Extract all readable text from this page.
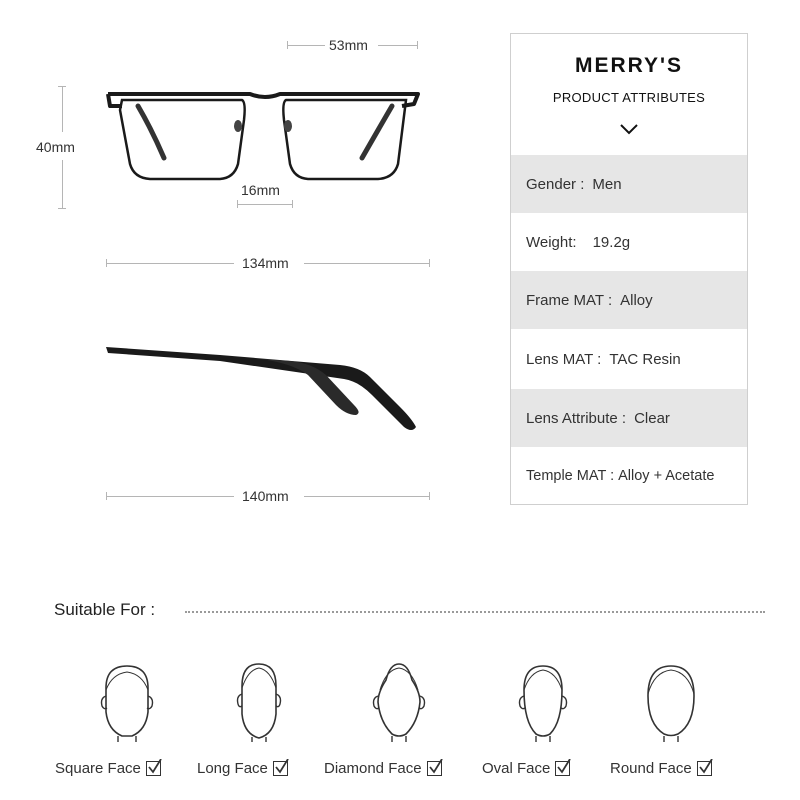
53mm
40mm
16mm
134mm
140mm
MERRY'S
PRODUCT ATTRIBUTES
Gender : Men
Weight: 19.2g
Frame MAT : Alloy
Lens MAT : TAC Resin
Lens Attribute : Clear
Temple MAT : Alloy + Acetate
Suitable For :
Square Face	Long Face	Diamond Face	Oval Face	Round Face
